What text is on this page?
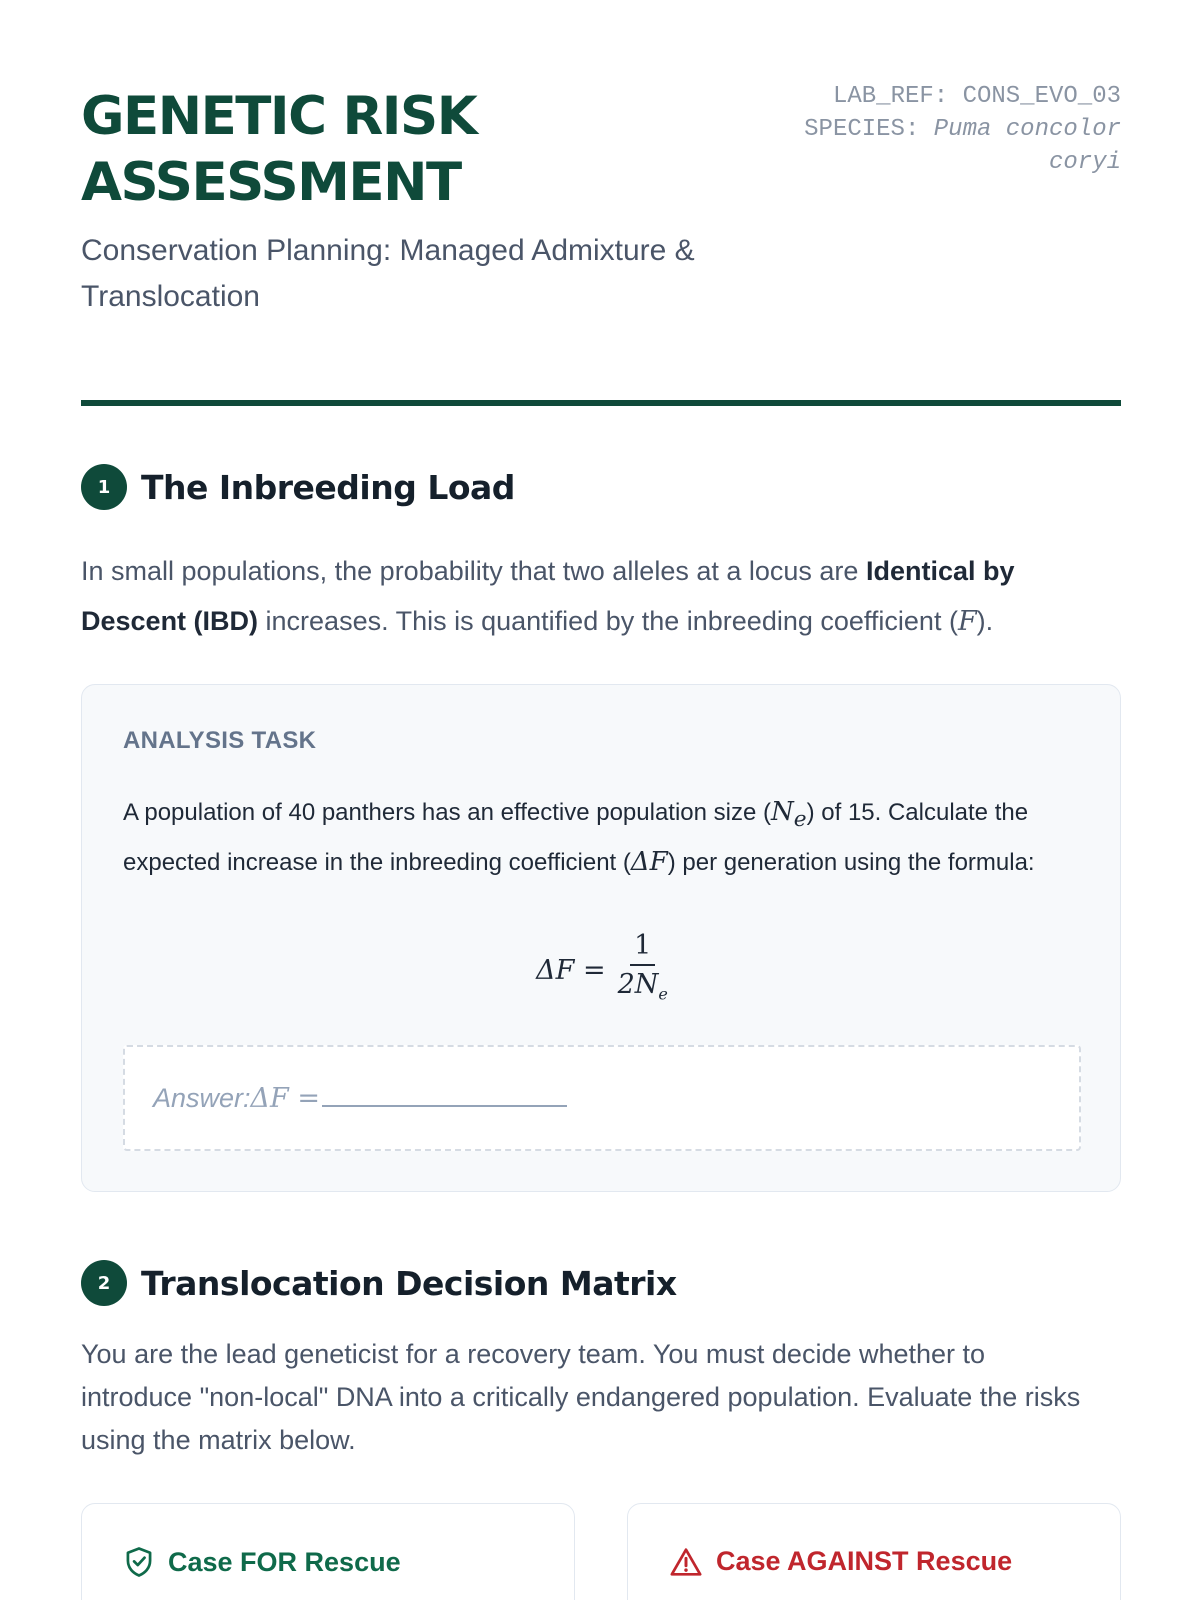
GENETIC RISK
ASSESSMENT
Conservation Planning: Managed Admixture & Translocation
LAB_REF: CONS_EVO_03
SPECIES: Puma concolor
coryi
1 The Inbreeding Load

In small populations, the probability that two alleles at a locus are Identical by Descent (IBD) increases. This is quantified by the inbreeding coefficient (F).

ANALYSIS TASK

A population of 40 panthers has an effective population size $(N_e)$ of 15. Calculate the expected increase in the inbreeding coefficient (ΔF) per generation using the formula:

$\Delta F = \frac{1}{2N_e}$
Answer:ΔF =
2 Translocation Decision Matrix

You are the lead geneticist for a recovery team. You must decide whether to introduce "non-local" DNA into a critically endangered population. Evaluate the risks using the matrix below.

Case FOR Rescue	Case AGAINST Rescue
